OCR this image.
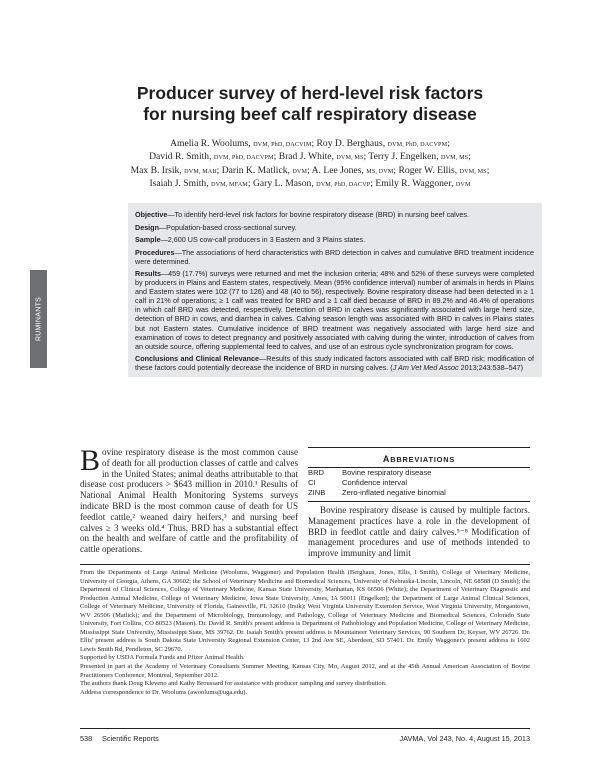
RUMINANTS
Producer survey of herd-level risk factors
for nursing beef calf respiratory disease
Amelia R. Woolums, DVM, PhD, DACVIM; Roy D. Berghaus, DVM, PhD, DACVPM;
David R. Smith, DVM, PhD, DACVPM; Brad J. White, DVM, MS; Terry J. Engelken, DVM, MS;
Max B. Irsik, DVM, MAB; Darin K. Matlick, DVM; A. Lee Jones, MS, DVM; Roger W. Ellis, DVM, MS;
Isaiah J. Smith, DVM, MFAM; Gary L. Mason, DVM, PhD, DACVP; Emily R. Waggoner, DVM

Objective—To identify herd-level risk factors for bovine respiratory disease (BRD) in nursing beef calves.

Design—Population-based cross-sectional survey.

Sample—2,600 US cow-calf producers in 3 Eastern and 3 Plains states.

Procedures—The associations of herd characteristics with BRD detection in calves and cumulative BRD treatment incidence were determined.

Results—459 (17.7%) surveys were returned and met the inclusion criteria; 48% and 52% of these surveys were completed by producers in Plains and Eastern states, respectively. Mean (95% confidence interval) number of animals in herds in Plains and Eastern states were 102 (77 to 126) and 48 (40 to 56), respectively. Bovine respiratory disease had been detected in ≥ 1 calf in 21% of operations; ≥ 1 calf was treated for BRD and ≥ 1 calf died because of BRD in 89.2% and 46.4% of operations in which calf BRD was detected, respectively. Detection of BRD in calves was significantly associated with large herd size, detection of BRD in cows, and diarrhea in calves. Calving season length was associated with BRD in calves in Plains states but not Eastern states. Cumulative incidence of BRD treatment was negatively associated with large herd size and examination of cows to detect pregnancy and positively associated with calving during the winter, introduction of calves from an outside source, offering supplemental feed to calves, and use of an estrous cycle synchronization program for cows.

Conclusions and Clinical Relevance—Results of this study indicated factors associated with calf BRD risk; modification of these factors could potentially decrease the incidence of BRD in nursing calves. (J Am Vet Med Assoc 2013;243:538–547)

Bovine respiratory disease is the most common cause of death for all production classes of cattle and calves in the United States; animal deaths attributable to that disease cost producers > $643 million in 2010.¹ Results of National Animal Health Monitoring Systems surveys indicate BRD is the most common cause of death for US feedlot cattle,² weaned dairy heifers,³ and nursing beef calves ≥ 3 weeks old.⁴ Thus, BRD has a substantial effect on the health and welfare of cattle and the profitability of cattle operations.
ABBREVIATIONS
BRD	Bovine respiratory disease
CI	Confidence interval
ZINB	Zero-inflated negative binomial
Bovine respiratory disease is caused by multiple factors. Management practices have a role in the development of BRD in feedlot cattle and dairy calves.⁵⁻⁸ Modification of management procedures and use of methods intended to improve immunity and limit

From the Departments of Large Animal Medicine (Woolums, Waggoner) and Population Health (Berghaus, Jones, Ellis, I Smith), College of Veterinary Medicine, University of Georgia, Athens, GA 30602; the School of Veterinary Medicine and Biomedical Sciences, University of Nebraska-Lincoln, Lincoln, NE 68588 (D Smith); the Department of Clinical Sciences, College of Veterinary Medicine, Kansas State University, Manhattan, KS 66506 (White); the Department of Veterinary Diagnostic and Production Animal Medicine, College of Veterinary Medicine, Iowa State University, Ames, IA 50011 (Engelken); the Department of Large Animal Clinical Sciences, College of Veterinary Medicine, University of Florida, Gainesville, FL 32610 (Irsik); West Virginia University Extension Service, West Virginia University, Morgantown, WV 26506 (Matlick); and the Department of Microbiology, Immunology, and Pathology, College of Veterinary Medicine and Biomedical Sciences, Colorado State University, Fort Collins, CO 80523 (Mason). Dr. David R. Smith's present address is Department of Pathobiology and Population Medicine, College of Veterinary Medicine, Mississippi State University, Mississippi State, MS 39762. Dr. Isaiah Smith's present address is Mountaineer Veterinary Services, 90 Southern Dr, Keyser, WV 26726. Dr. Ellis' present address is South Dakota State University Regional Extension Center, 13 2nd Ave SE, Aberdeen, SD 57401. Dr. Emily Waggoner's present address is 1602 Lewis Smith Rd, Pendleton, SC 29670.

Supported by USDA Formula Funds and Pfizer Animal Health.

Presented in part at the Academy of Veterinary Consultants Summer Meeting, Kansas City, Mo, August 2012, and at the 45th Annual American Association of Bovine Practitioners Conference, Montreal, September 2012.

The authors thank Doug Kleveno and Kathy Broussard for assistance with producer sampling and survey distribution.

Address correspondence to Dr. Woolums (awoolums@uga.edu).

538	Scientific Reports	JAVMA, Vol 243, No. 4, August 15, 2013
